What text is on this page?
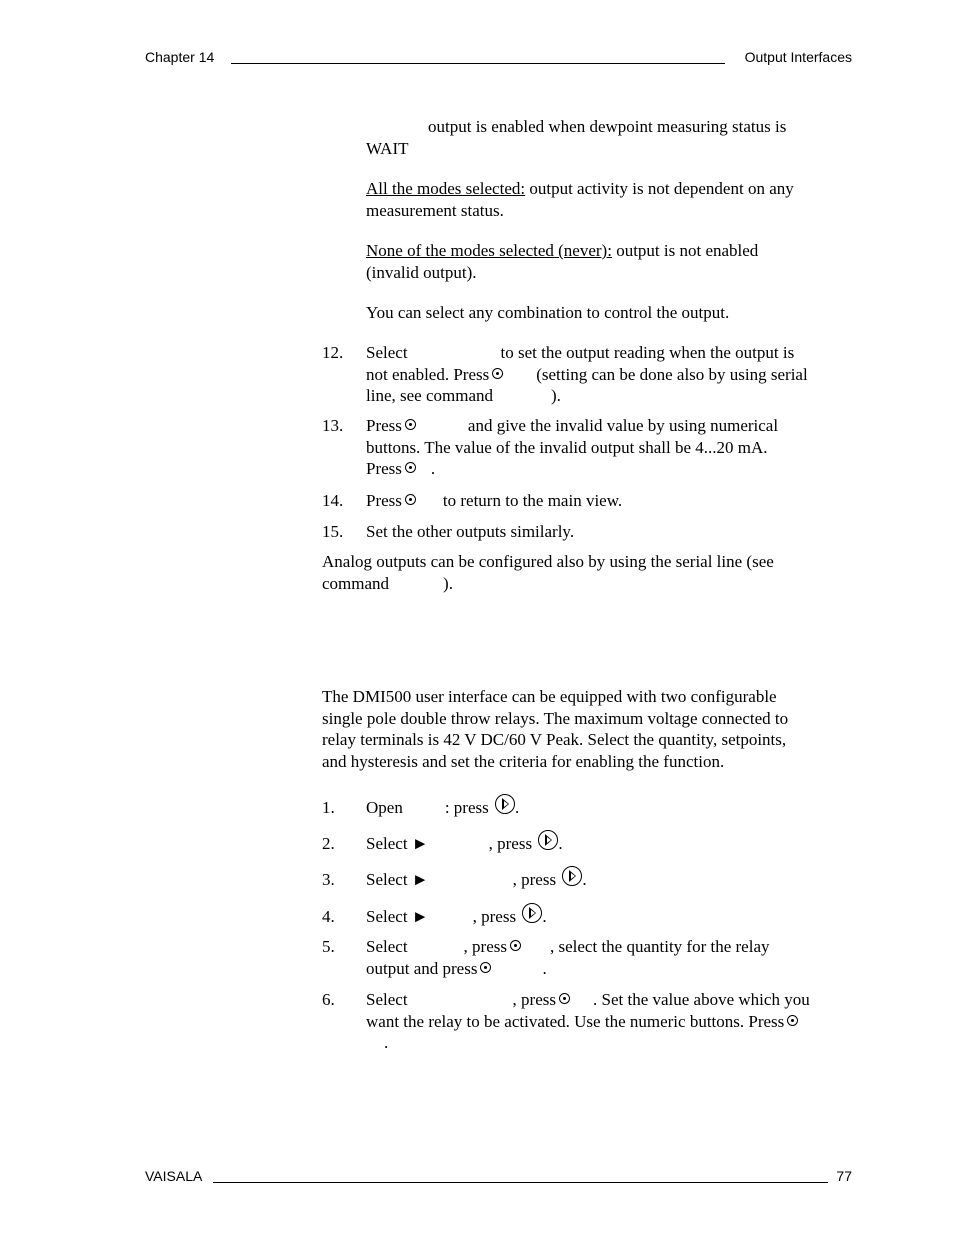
Chapter 14	Output Interfaces
output is enabled when dewpoint measuring status is
WAIT
All the modes selected: output activity is not dependent on any
measurement status.
None of the modes selected (never): output is not enabled
(invalid output).
You can select any combination to control the output.
12. Select	to set the output reading when the output is
not enabled. Press	(setting can be done also by using serial
line, see command	).
13. Press	and give the invalid value by using numerical
buttons. The value of the invalid output shall be 4...20 mA.
Press .
14. Press to return to the main view.
15. Set the other outputs similarly.
Analog outputs can be configured also by using the serial line (see
command	).
The DMI500 user interface can be equipped with two configurable
single pole double throw relays. The maximum voltage connected to
relay terminals is 42 V DC/60 V Peak. Select the quantity, setpoints,
and hysteresis and set the criteria for enabling the function.
1. Open : press .
2. Select ►	, press .
3. Select ►	, press .
4. Select ►	, press .
5. Select	, press	, select the quantity for the relay
output and press	.
6. Select	, press . Set the value above which you
want the relay to be activated. Use the numeric buttons. Press
.
VAISALA	77
